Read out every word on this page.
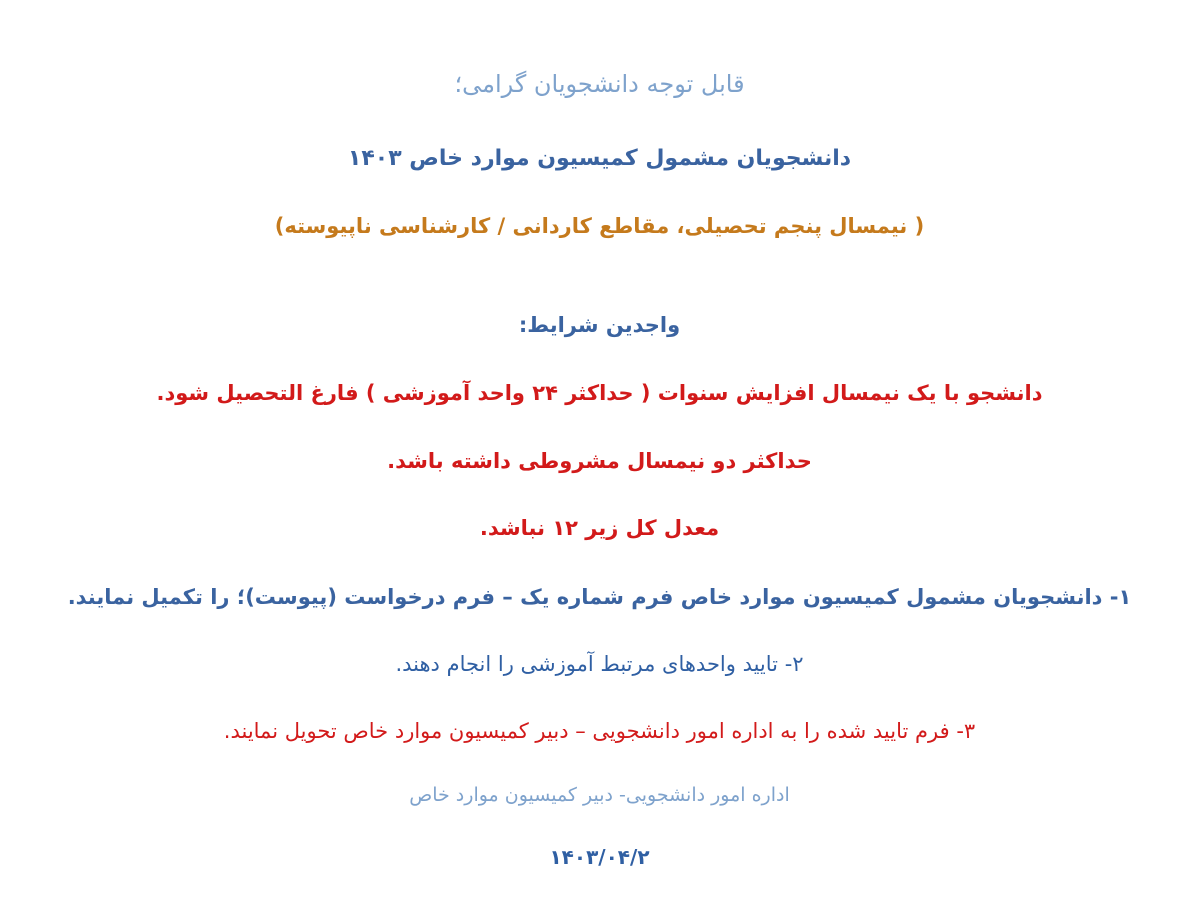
قابل توجه دانشجویان گرامی؛
دانشجویان مشمول کمیسیون موارد خاص ۱۴۰۳
( نیمسال پنجم تحصیلی، مقاطع کاردانی / کارشناسی ناپیوسته)
واجدین شرایط:
دانشجو با یک نیمسال افزایش سنوات ( حداکثر ۲۴ واحد آموزشی ) فارغ التحصیل شود.
حداکثر دو نیمسال مشروطی داشته باشد.
معدل کل زیر ۱۲ نباشد.
۱- دانشجویان مشمول کمیسیون موارد خاص فرم شماره یک – فرم درخواست (پیوست)؛ را تکمیل نمایند.
۲- تایید واحدهای مرتبط آموزشی را انجام دهند.
۳- فرم تایید شده را به اداره امور دانشجویی – دبیر کمیسیون موارد خاص تحویل نمایند.
اداره امور دانشجویی- دبیر کمیسیون موارد خاص
۱۴۰۳/۰۴/۲
